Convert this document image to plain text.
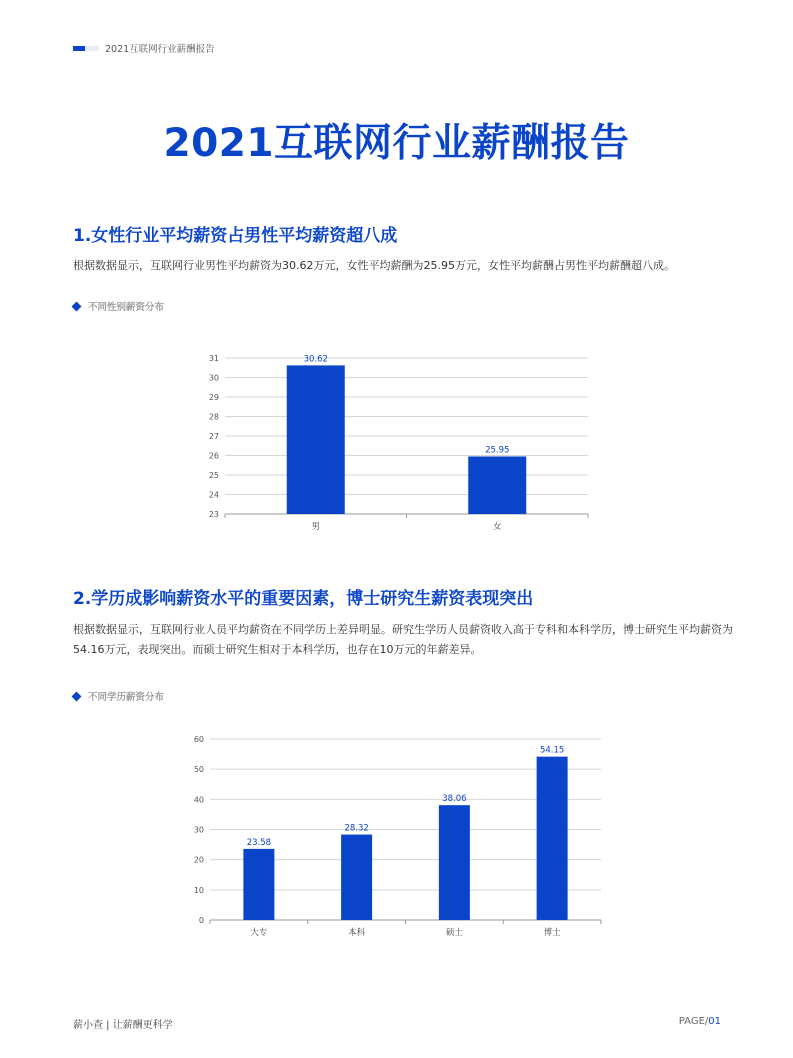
2021互联网行业薪酬报告
2021互联网行业薪酬报告
1.女性行业平均薪资占男性平均薪资超八成
根据数据显示，互联网行业男性平均薪资为30.62万元，女性平均薪酬为25.95万元，女性平均薪酬占男性平均薪酬超八成。
不同性别薪资分布
23
24
25
26
27
28
29
30
31	30.62
男
25.95
女
2.学历成影响薪资水平的重要因素，博士研究生薪资表现突出
根据数据显示，互联网行业人员平均薪资在不同学历上差异明显。研究生学历人员薪资收入高于专科和本科学历，博士研究生平均薪资为54.16万元，表现突出。而硕士研究生相对于本科学历，也存在10万元的年薪差异。
不同学历薪资分布
0
10
20
30
40
50
60
23.58
大专
28.32
本科
38.06
硕士
54.15
博士
薪小查 | 让薪酬更科学	PAGE/01
